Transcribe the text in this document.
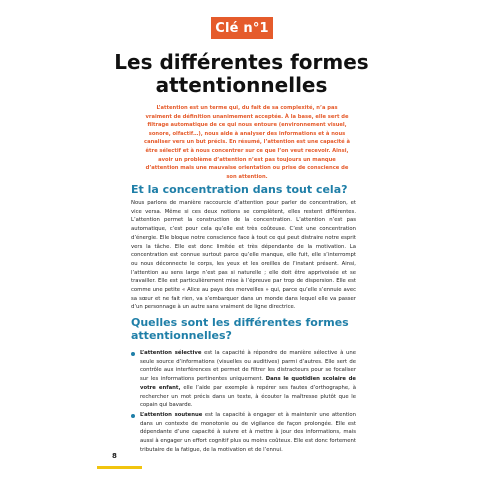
Clé n°1
Les différentes formes attentionnelles

L’attention est un terme qui, du fait de sa complexité, n’a pas vraiment de définition unanimement acceptée. À la base, elle sert de filtrage automatique de ce qui nous entoure (environnement visuel, sonore, olfactif…), nous aide à analyser des informations et à nous canaliser vers un but précis. En résumé, l’attention est une capacité à être sélectif et à nous concentrer sur ce que l’on veut recevoir. Ainsi, avoir un problème d’attention n’est pas toujours un manque d’attention mais une mauvaise orientation ou prise de conscience de son attention.

Et la concentration dans tout cela?

Nous parlons de manière raccourcie d’attention pour parler de concentration, et vice versa. Même si ces deux notions se complètent, elles restent différentes. L’attention permet la construction de la concentration. L’attention n’est pas automatique, c’est pour cela qu’elle est très coûteuse. C’est une concentration d’énergie. Elle bloque notre conscience face à tout ce qui peut distraire notre esprit vers la tâche. Elle est donc limitée et très dépendante de la motivation. La concentration est connue surtout parce qu’elle manque, elle fuit, elle s’interrompt ou nous déconnecte le corps, les yeux et les oreilles de l’instant présent. Ainsi, l’attention au sens large n’est pas si naturelle ; elle doit être apprivoisée et se travailler. Elle est particulièrement mise à l’épreuve par trop de dispersion. Elle est comme une petite « Alice au pays des merveilles » qui, parce qu’elle s’ennuie avec sa sœur et ne fait rien, va s’embarquer dans un monde dans lequel elle va passer d’un personnage à un autre sans vraiment de ligne directrice.

Quelles sont les différentes formes attentionnelles?
L’attention sélective est la capacité à répondre de manière sélective à une seule source d’informations (visuelles ou auditives) parmi d’autres. Elle sert de contrôle aux interférences et permet de filtrer les distracteurs pour se focaliser sur les informations pertinentes uniquement. Dans le quotidien scolaire de votre enfant, elle l’aide par exemple à repérer ses fautes d’orthographe, à rechercher un mot précis dans un texte, à écouter la maîtresse plutôt que le copain qui bavarde.
L’attention soutenue est la capacité à engager et à maintenir une attention dans un contexte de monotonie ou de vigilance de façon prolongée. Elle est dépendante d’une capacité à suivre et à mettre à jour des informations, mais aussi à engager un effort cognitif plus ou moins coûteux. Elle est donc fortement tributaire de la fatigue, de la motivation et de l’ennui.
8
